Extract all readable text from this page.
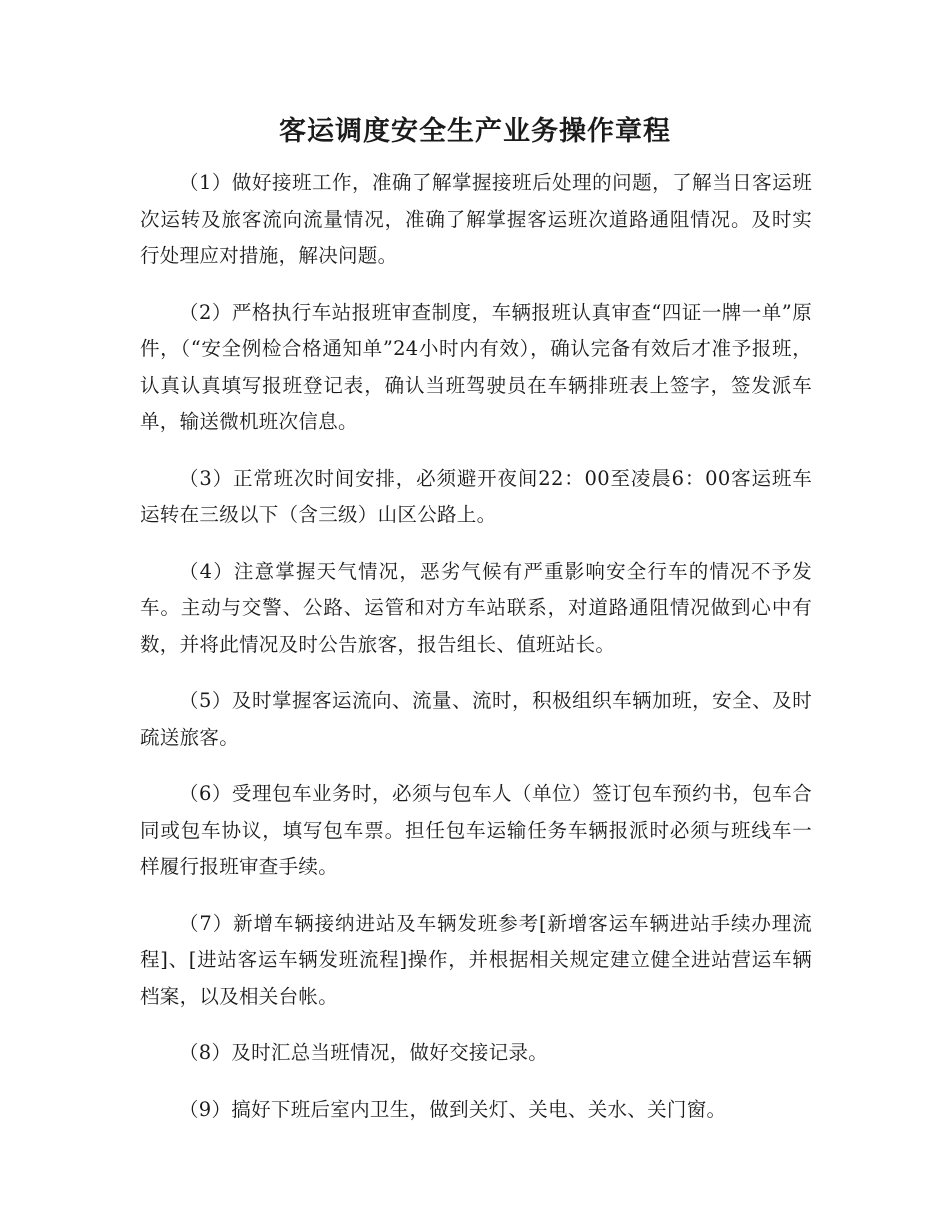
客运调度安全生产业务操作章程

（1）做好接班工作，准确了解掌握接班后处理的问题，了解当日客运班次运转及旅客流向流量情况，准确了解掌握客运班次道路通阻情况。及时实行处理应对措施，解决问题。

（2）严格执行车站报班审查制度，车辆报班认真审查“四证一牌一单”原件，（“安全例检合格通知单”24小时内有效），确认完备有效后才准予报班，认真认真填写报班登记表，确认当班驾驶员在车辆排班表上签字，签发派车单，输送微机班次信息。

（3）正常班次时间安排，必须避开夜间22：00至凌晨6：00客运班车运转在三级以下（含三级）山区公路上。

（4）注意掌握天气情况，恶劣气候有严重影响安全行车的情况不予发车。主动与交警、公路、运管和对方车站联系，对道路通阻情况做到心中有数，并将此情况及时公告旅客，报告组长、值班站长。

（5）及时掌握客运流向、流量、流时，积极组织车辆加班，安全、及时疏送旅客。

（6）受理包车业务时，必须与包车人（单位）签订包车预约书，包车合同或包车协议，填写包车票。担任包车运输任务车辆报派时必须与班线车一样履行报班审查手续。

（7）新增车辆接纳进站及车辆发班参考[新增客运车辆进站手续办理流程]、[进站客运车辆发班流程]操作，并根据相关规定建立健全进站营运车辆档案，以及相关台帐。

（8）及时汇总当班情况，做好交接记录。

（9）搞好下班后室内卫生，做到关灯、关电、关水、关门窗。
